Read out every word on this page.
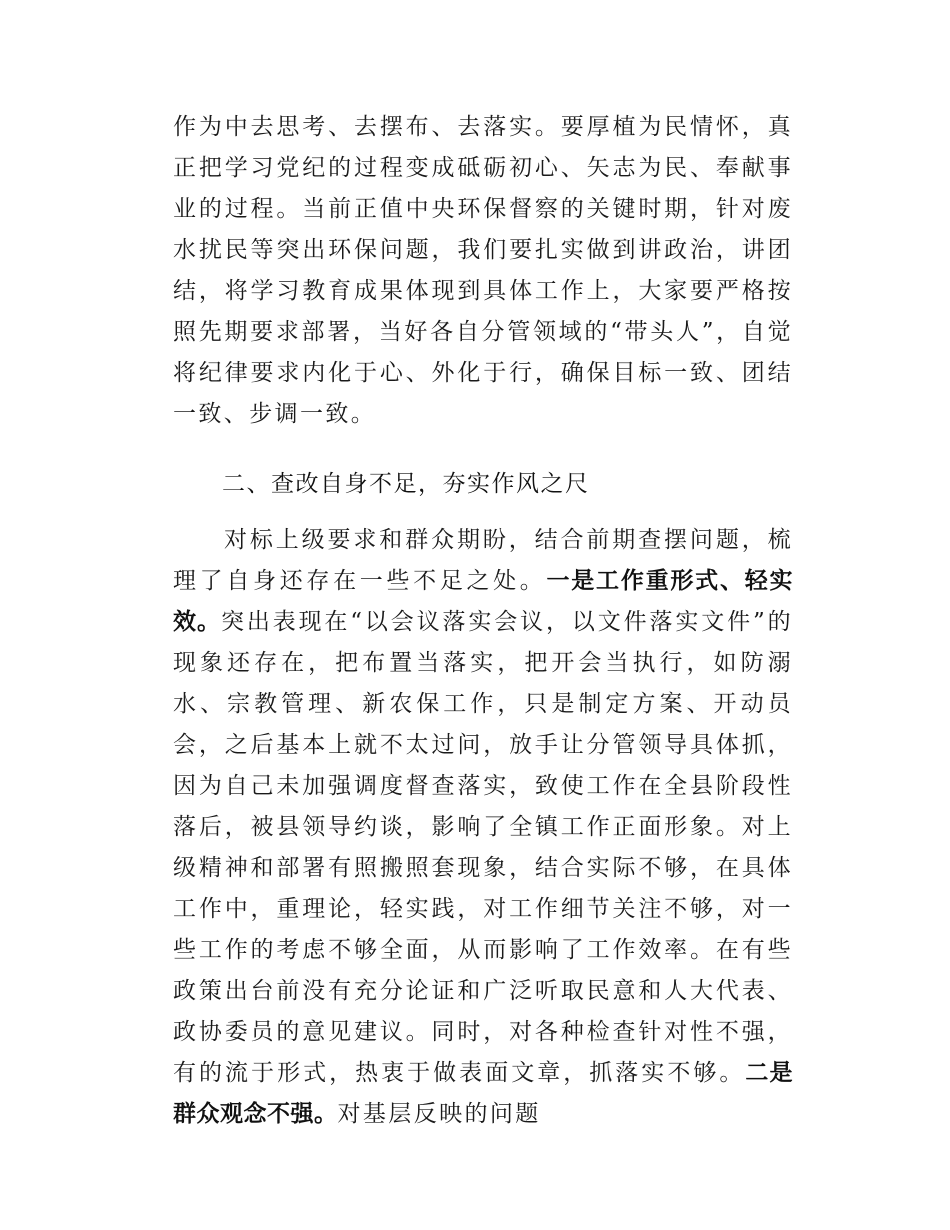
作为中去思考、去摆布、去落实。要厚植为民情怀，真正把学习党纪的过程变成砥砺初心、矢志为民、奉献事业的过程。当前正值中央环保督察的关键时期，针对废水扰民等突出环保问题，我们要扎实做到讲政治，讲团结，将学习教育成果体现到具体工作上，大家要严格按照先期要求部署，当好各自分管领域的“带头人”，自觉将纪律要求内化于心、外化于行，确保目标一致、团结一致、步调一致。

二、查改自身不足，夯实作风之尺

对标上级要求和群众期盼，结合前期查摆问题，梳理了自身还存在一些不足之处。一是工作重形式、轻实效。突出表现在“以会议落实会议，以文件落实文件”的现象还存在，把布置当落实，把开会当执行，如防溺水、宗教管理、新农保工作，只是制定方案、开动员会，之后基本上就不太过问，放手让分管领导具体抓，因为自己未加强调度督查落实，致使工作在全县阶段性落后，被县领导约谈，影响了全镇工作正面形象。对上级精神和部署有照搬照套现象，结合实际不够，在具体工作中，重理论，轻实践，对工作细节关注不够，对一些工作的考虑不够全面，从而影响了工作效率。在有些政策出台前没有充分论证和广泛听取民意和人大代表、政协委员的意见建议。同时，对各种检查针对性不强，有的流于形式，热衷于做表面文章，抓落实不够。二是群众观念不强。对基层反映的问题
